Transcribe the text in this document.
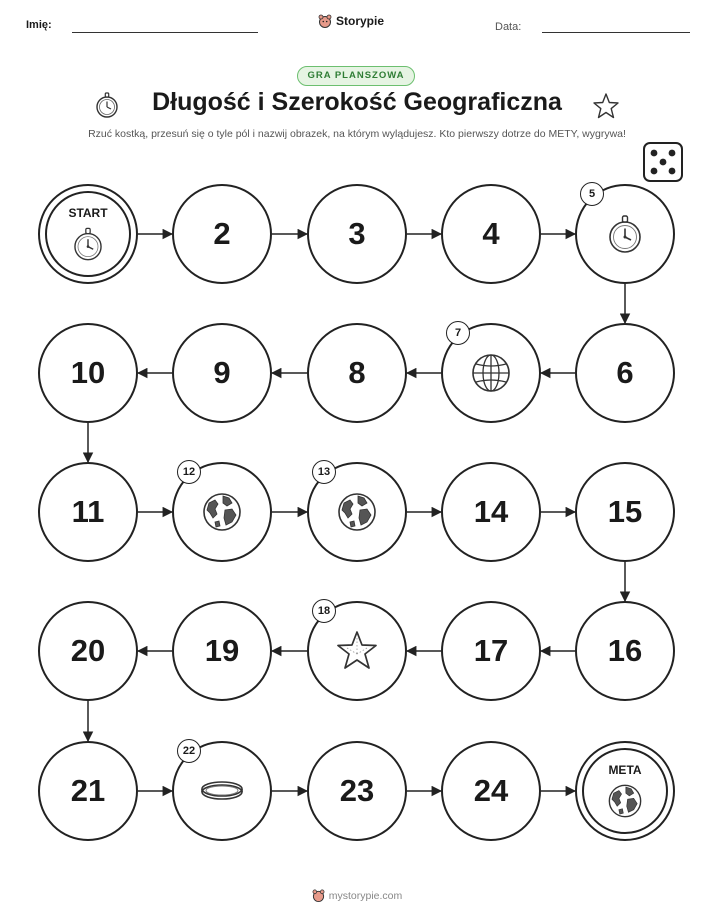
Imię:	Storypie	Data:
GRA PLANSZOWA
Długość i Szerokość Geograficzna
Rzuć kostką, przesuń się o tyle pól i nazwij obrazek, na którym wylądujesz. Kto pierwszy dotrze do METY, wygrywa!
START
2	3	4
5
6
7
8
9
10
11
12	13
14	15
16
17
18
19
20
21
22
23	24
META
mystorypie.com
